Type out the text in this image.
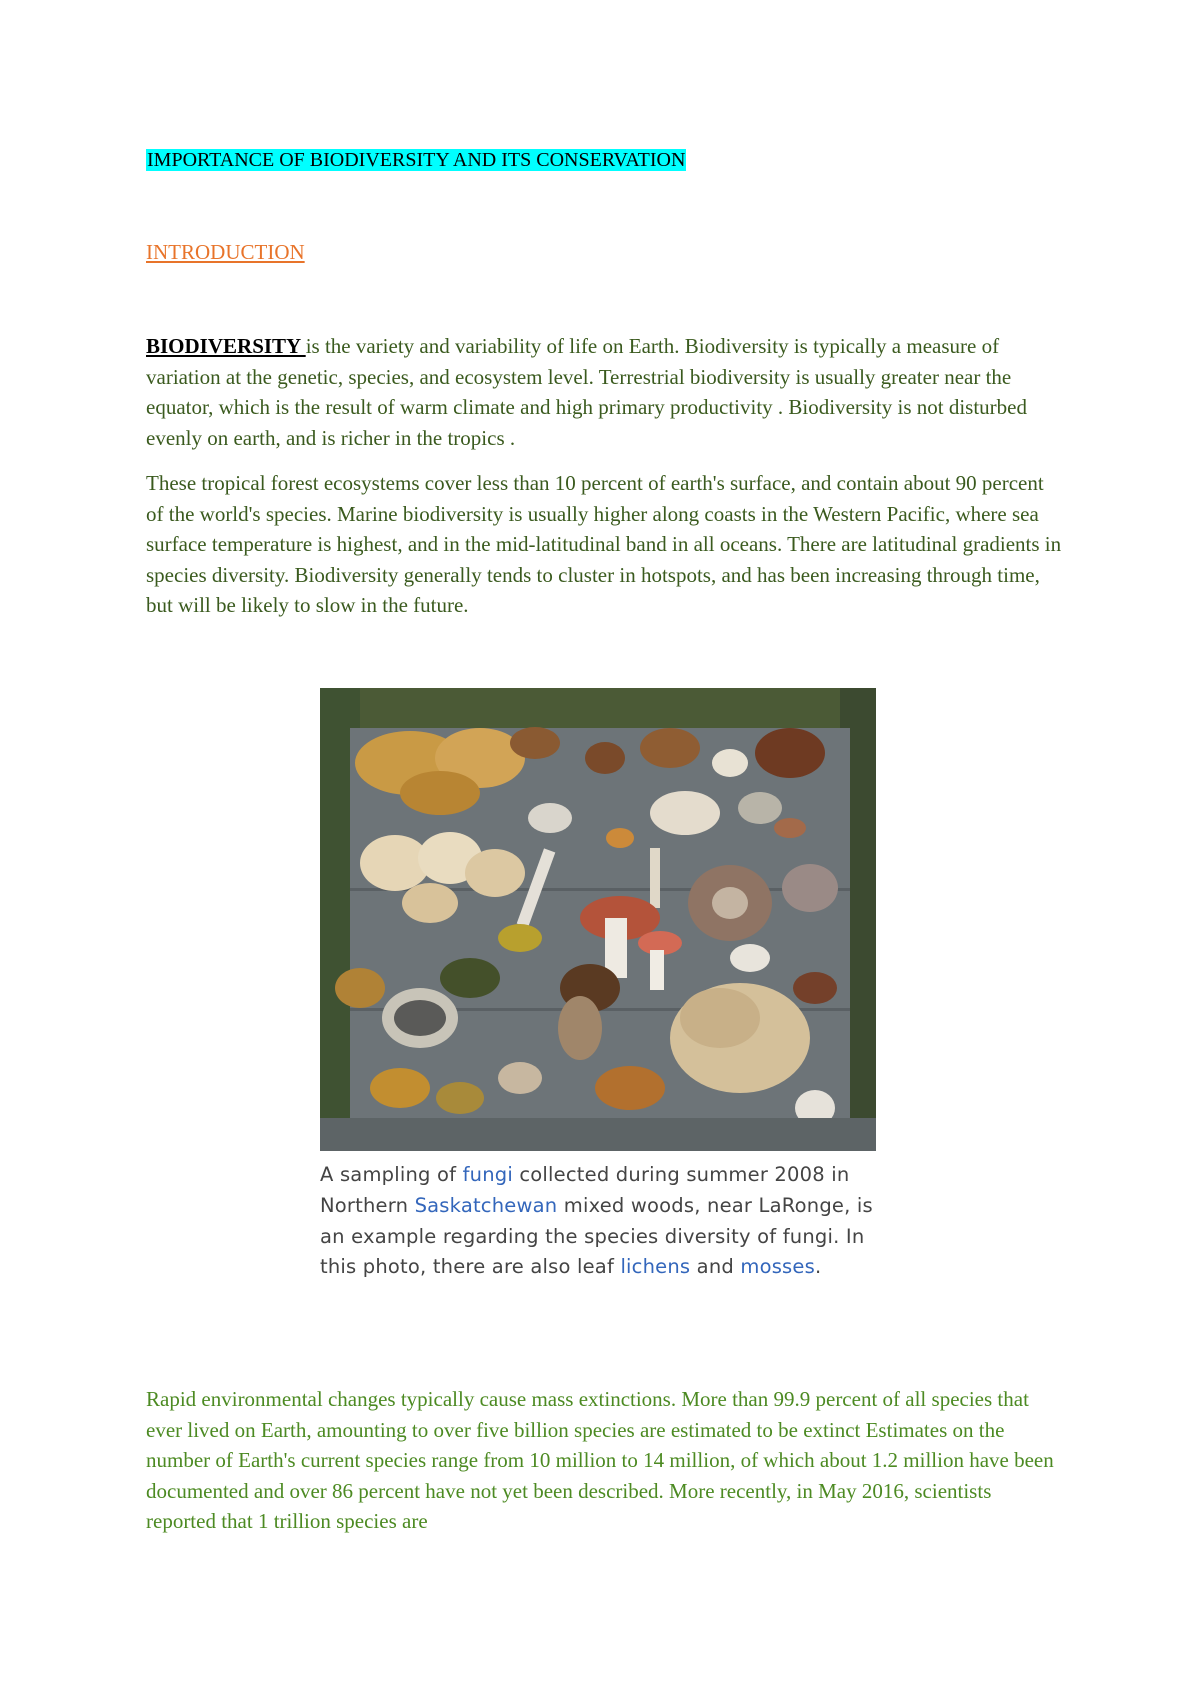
IMPORTANCE OF BIODIVERSITY AND ITS CONSERVATION
INTRODUCTION

BIODIVERSITY is the variety and variability of life on Earth. Biodiversity is typically a measure of variation at the genetic, species, and ecosystem level. Terrestrial biodiversity is usually greater near the equator, which is the result of warm climate and high primary productivity . Biodiversity is not disturbed evenly on earth, and is richer in the tropics .

These tropical forest ecosystems cover less than 10 percent of earth's surface, and contain about 90 percent of the world's species. Marine biodiversity is usually higher along coasts in the Western Pacific, where sea surface temperature is highest, and in the mid-latitudinal band in all oceans. There are latitudinal gradients in species diversity. Biodiversity generally tends to cluster in hotspots, and has been increasing through time, but will be likely to slow in the future.

A sampling of fungi collected during summer 2008 in Northern Saskatchewan mixed woods, near LaRonge, is an example regarding the species diversity of fungi. In this photo, there are also leaf lichens and mosses.

Rapid environmental changes typically cause mass extinctions. More than 99.9 percent of all species that ever lived on Earth, amounting to over five billion species are estimated to be extinct Estimates on the number of Earth's current species range from 10 million to 14 million, of which about 1.2 million have been documented and over 86 percent have not yet been described. More recently, in May 2016, scientists reported that 1 trillion species are
